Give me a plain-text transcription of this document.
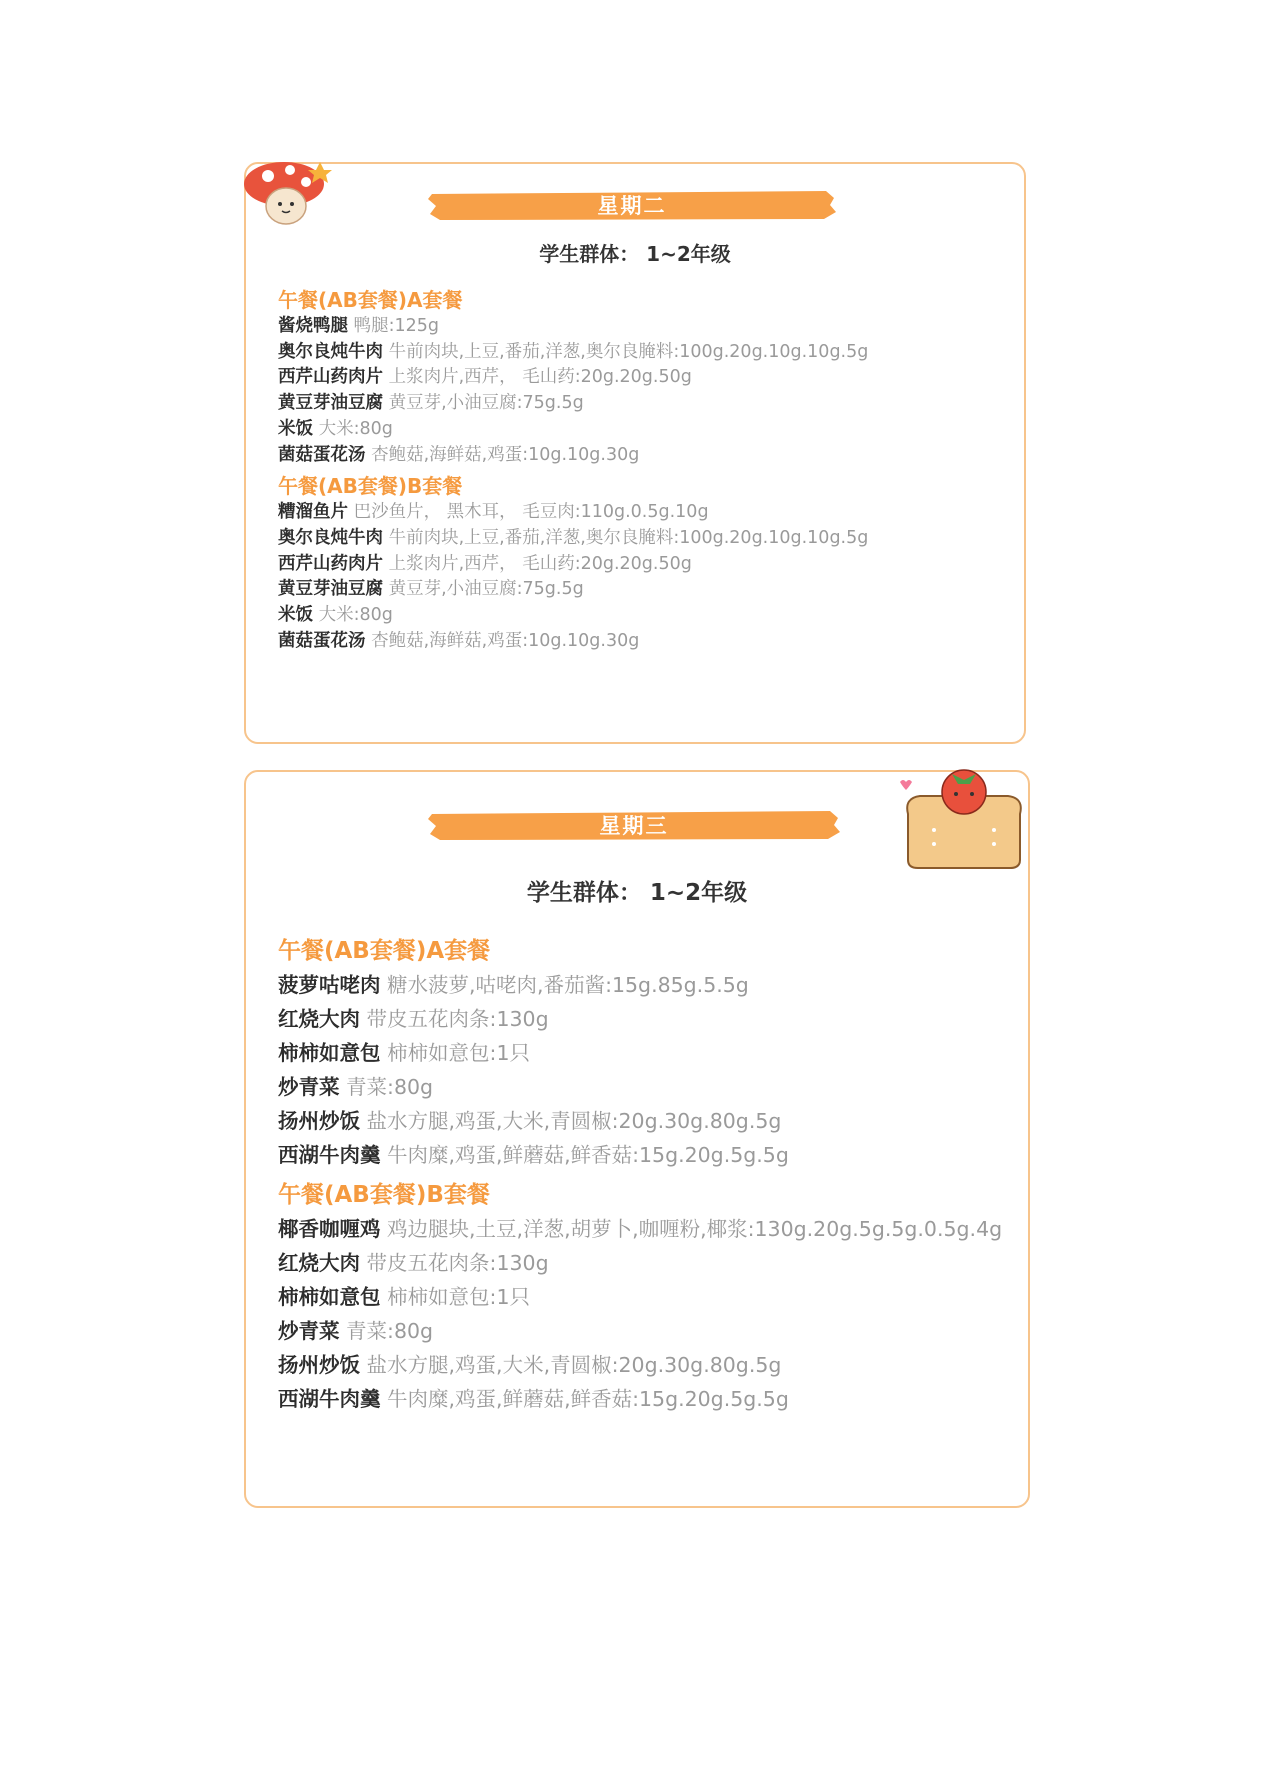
星期二
学生群体： 1~2年级
午餐(AB套餐)A套餐
酱烧鸭腿 鸭腿:125g
奥尔良炖牛肉 牛前肉块,上豆,番茄,洋葱,奥尔良腌料:100g.20g.10g.10g.5g
西芹山药肉片 上浆肉片,西芹， 毛山药:20g.20g.50g
黄豆芽油豆腐 黄豆芽,小油豆腐:75g.5g
米饭 大米:80g
菌菇蛋花汤 杏鲍菇,海鲜菇,鸡蛋:10g.10g.30g
午餐(AB套餐)B套餐
糟溜鱼片 巴沙鱼片， 黑木耳， 毛豆肉:110g.0.5g.10g
奥尔良炖牛肉 牛前肉块,上豆,番茄,洋葱,奥尔良腌料:100g.20g.10g.10g.5g
西芹山药肉片 上浆肉片,西芹， 毛山药:20g.20g.50g
黄豆芽油豆腐 黄豆芽,小油豆腐:75g.5g
米饭 大米:80g
菌菇蛋花汤 杏鲍菇,海鲜菇,鸡蛋:10g.10g.30g
星期三
学生群体： 1~2年级
午餐(AB套餐)A套餐
菠萝咕咾肉 糖水菠萝,咕咾肉,番茄酱:15g.85g.5.5g
红烧大肉 带皮五花肉条:130g
柿柿如意包 柿柿如意包:1只
炒青菜 青菜:80g
扬州炒饭 盐水方腿,鸡蛋,大米,青圆椒:20g.30g.80g.5g
西湖牛肉羹 牛肉糜,鸡蛋,鲜蘑菇,鲜香菇:15g.20g.5g.5g
午餐(AB套餐)B套餐
椰香咖喱鸡 鸡边腿块,土豆,洋葱,胡萝卜,咖喱粉,椰浆:130g.20g.5g.5g.0.5g.4g
红烧大肉 带皮五花肉条:130g
柿柿如意包 柿柿如意包:1只
炒青菜 青菜:80g
扬州炒饭 盐水方腿,鸡蛋,大米,青圆椒:20g.30g.80g.5g
西湖牛肉羹 牛肉糜,鸡蛋,鲜蘑菇,鲜香菇:15g.20g.5g.5g
